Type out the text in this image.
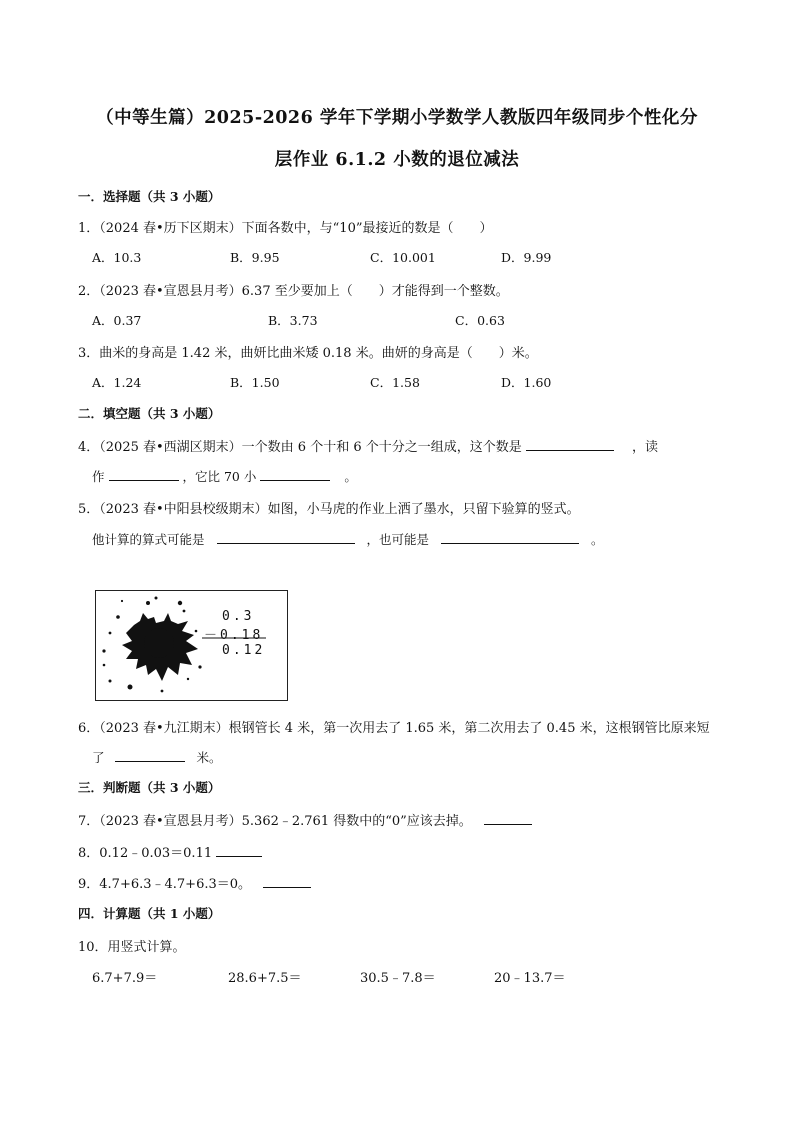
（中等生篇）2025-2026 学年下学期小学数学人教版四年级同步个性化分
层作业 6.1.2 小数的退位减法
一．选择题（共 3 小题）
1．（2024 春•历下区期末）下面各数中，与“10”最接近的数是（　　）
A．10.3	B．9.95	C．10.001	D．9.99
2．（2023 春•宣恩县月考）6.37 至少要加上（　　）才能得到一个整数。
A．0.37	B．3.73	C．0.63
3．曲米的身高是 1.42 米，曲妍比曲米矮 0.18 米。曲妍的身高是（　　）米。
A．1.24	B．1.50	C．1.58	D．1.60
二．填空题（共 3 小题）
4．（2025 春•西湖区期末）一个数由 6 个十和 6 个十分之一组成，这个数是	，读
作	，它比 70 小	。
5．（2023 春•中阳县校级期末）如图，小马虎的作业上洒了墨水，只留下验算的竖式。
他计算的算式可能是	，也可能是	。
0.3
－0.18
0.12
6．（2023 春•九江期末）根钢管长 4 米，第一次用去了 1.65 米，第二次用去了 0.45 米，这根钢管比原来短
了	米。
三．判断题（共 3 小题）
7．（2023 春•宣恩县月考）5.362﹣2.761 得数中的“0”应该去掉。
8．0.12﹣0.03＝0.11
9．4.7+6.3﹣4.7+6.3＝0。
四．计算题（共 1 小题）
10．用竖式计算。
6.7+7.9＝	28.6+7.5＝	30.5﹣7.8＝	20﹣13.7＝
